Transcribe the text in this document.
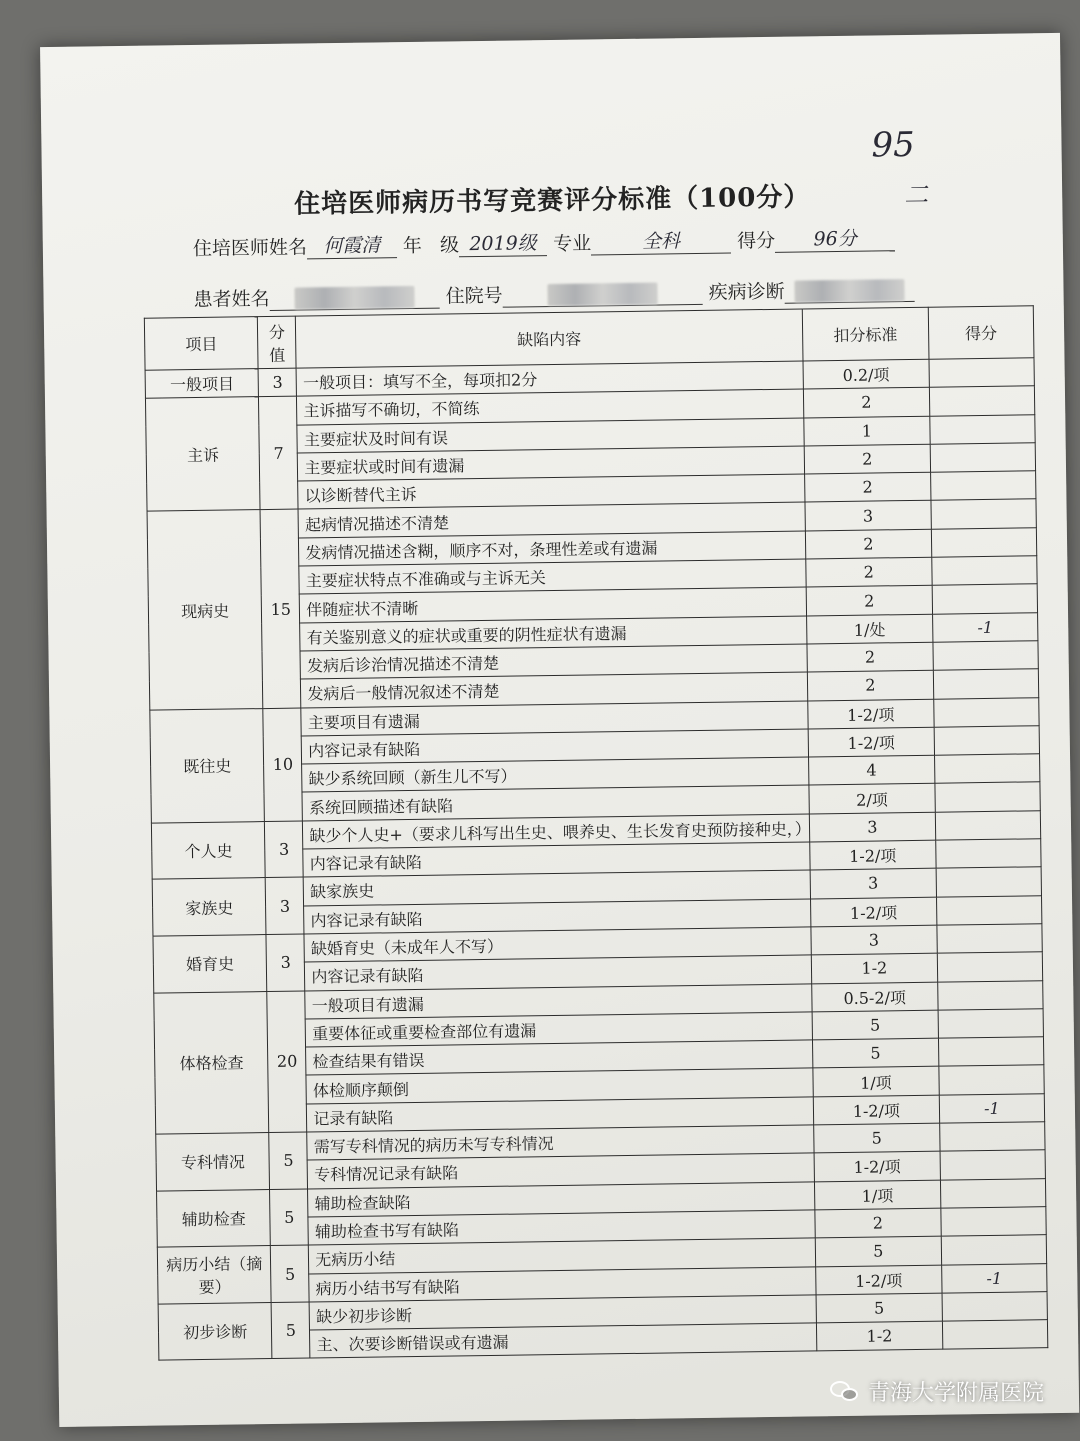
95
二
住培医师病历书写竞赛评分标准（100分）
住培医师姓名 何霞清 年 级 2019级 专业	全科	得分 96分
患者姓名	住院号	疾病诊断
项目	分值	缺陷内容	扣分标准	得分
一般项目	3	一般项目：填写不全，每项扣2分	0.2/项	
主诉	7	主诉描写不确切，不简练	2	
		主要症状及时间有误	1	
		主要症状或时间有遗漏	2	
		以诊断替代主诉	2	
现病史	15	起病情况描述不清楚	3	
		发病情况描述含糊，顺序不对，条理性差或有遗漏	2	
		主要症状特点不准确或与主诉无关	2	
		伴随症状不清晰	2	
		有关鉴别意义的症状或重要的阴性症状有遗漏	1/处	-1
		发病后诊治情况描述不清楚	2	
		发病后一般情况叙述不清楚	2	
既往史	10	主要项目有遗漏	1-2/项	
		内容记录有缺陷	1-2/项	
		缺少系统回顾（新生儿不写）	4	
		系统回顾描述有缺陷	2/项	
个人史	3	缺少个人史+（要求儿科写出生史、喂养史、生长发育史预防接种史，）	3	
		内容记录有缺陷	1-2/项	
家族史	3	缺家族史	3	
		内容记录有缺陷	1-2/项	
婚育史	3	缺婚育史（未成年人不写）	3	
		内容记录有缺陷	1-2	
体格检查	20	一般项目有遗漏	0.5-2/项	
		重要体征或重要检查部位有遗漏	5	
		检查结果有错误	5	
		体检顺序颠倒	1/项	
		记录有缺陷	1-2/项	-1
专科情况	5	需写专科情况的病历未写专科情况	5	
		专科情况记录有缺陷	1-2/项	
辅助检查	5	辅助检查缺陷	1/项	
		辅助检查书写有缺陷	2	
病历小结（摘要）	5	无病历小结	5	
		病历小结书写有缺陷	1-2/项	-1
初步诊断	5	缺少初步诊断	5	
		主、次要诊断错误或有遗漏	1-2	
青海大学附属医院
